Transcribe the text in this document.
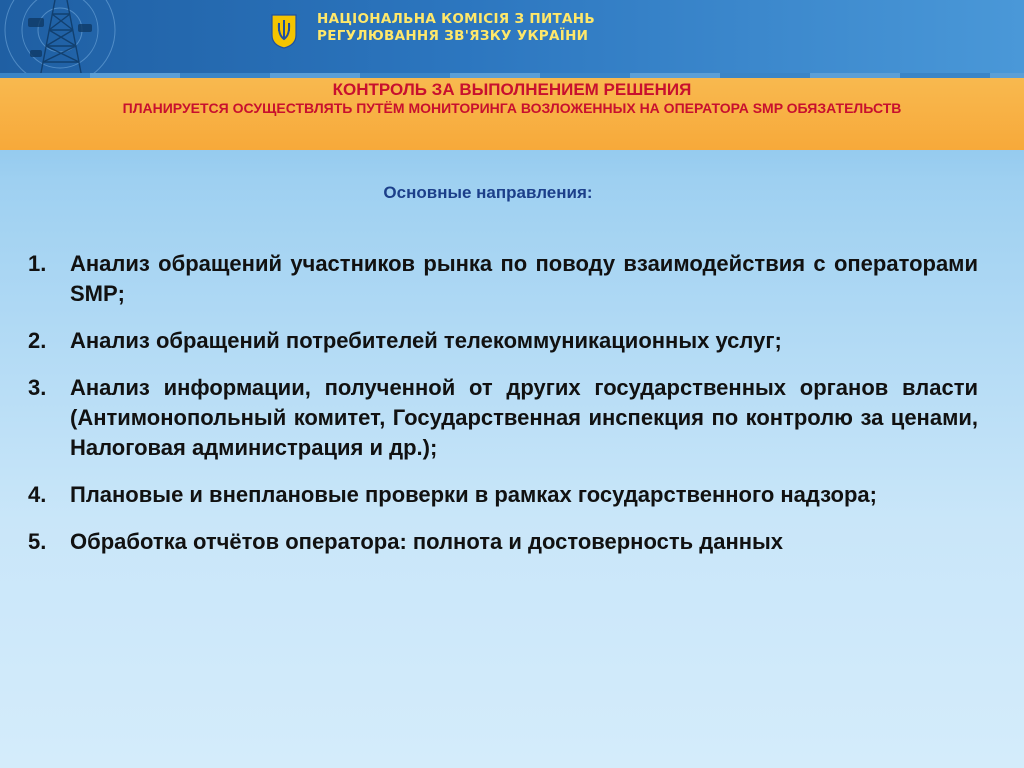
НАЦІОНАЛЬНА КОМІСІЯ З ПИТАНЬ
РЕГУЛЮВАННЯ ЗВ'ЯЗКУ УКРАЇНИ
КОНТРОЛЬ ЗА ВЫПОЛНЕНИЕМ РЕШЕНИЯ
ПЛАНИРУЕТСЯ ОСУЩЕСТВЛЯТЬ ПУТЁМ МОНИТОРИНГА ВОЗЛОЖЕННЫХ НА ОПЕРАТОРА SMP ОБЯЗАТЕЛЬСТВ
Основные направления:
1.	Анализ обращений участников рынка по поводу взаимодействия с операторами SMP;
2.	Анализ обращений потребителей телекоммуникационных услуг;
3.	Анализ информации, полученной от других государственных органов власти (Антимонопольный комитет, Государственная инспекция по контролю за ценами, Налоговая администрация и др.);
4.	Плановые и внеплановые проверки в рамках государственного надзора;
5.	Обработка отчётов оператора: полнота и достоверность данных
